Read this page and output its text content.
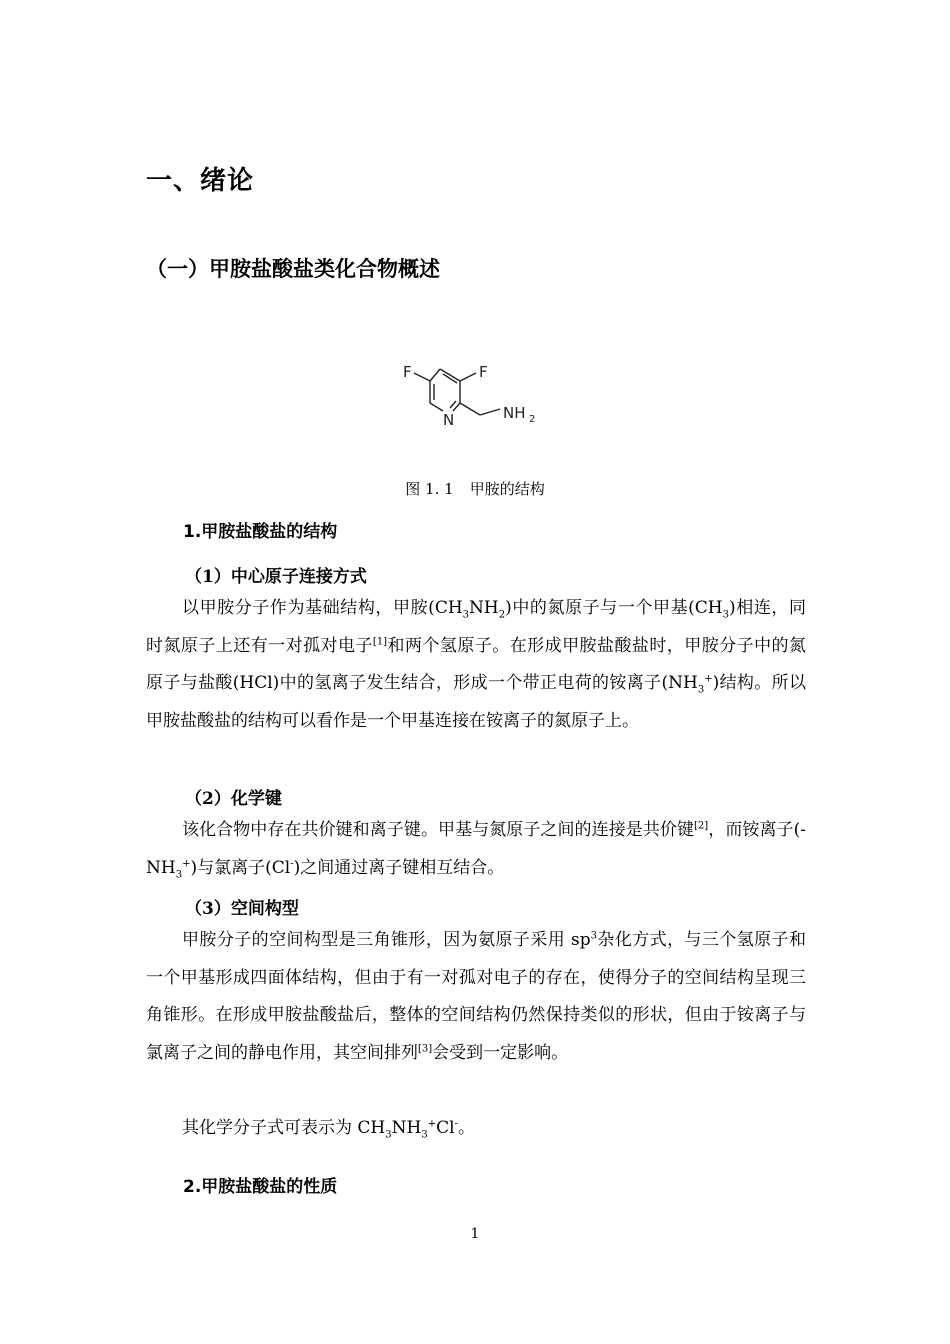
一、绪论
（一）甲胺盐酸盐类化合物概述
F	F
N	NH 2
图 1. 1 甲胺的结构
1.甲胺盐酸盐的结构
（1）中心原子连接方式

以甲胺分子作为基础结构，甲胺$(CH_3NH_2)$中的氮原子与一个甲基$(CH_3)$相连，同时氮原子上还有一对孤对电子[1]和两个氢原子。在形成甲胺盐酸盐时，甲胺分子中的氮原子与盐酸(HCl)中的氢离子发生结合，形成一个带正电荷的铵离子$(NH_3^+)$结构。所以甲胺盐酸盐的结构可以看作是一个甲基连接在铵离子的氮原子上。

（2）化学键

该化合物中存在共价键和离子键。甲基与氮原子之间的连接是共价键[2]，而铵离子$(-NH_3^+)$与氯离子(Cl-)之间通过离子键相互结合。

（3）空间构型

甲胺分子的空间构型是三角锥形，因为氨原子采用 $sp^3$杂化方式，与三个氢原子和一个甲基形成四面体结构，但由于有一对孤对电子的存在，使得分子的空间结构呈现三角锥形。在形成甲胺盐酸盐后，整体的空间结构仍然保持类似的形状，但由于铵离子与氯离子之间的静电作用，其空间排列[3]会受到一定影响。

其化学分子式可表示为 $CH_3NH_3^+Cl^-$。

2.甲胺盐酸盐的性质
1
